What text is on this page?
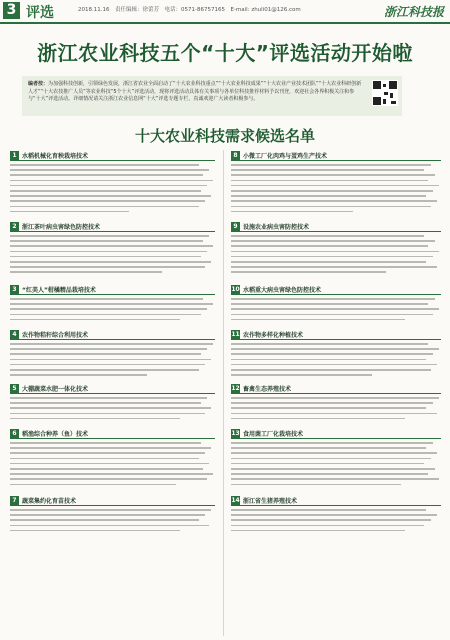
3 评选	2018.11.16　责任编辑：徐蕾芳　电话：0571-86757165　E-mail: zhuli01@126.com	浙江科技报
浙江农业科技五个“十大”评选活动开始啦
编者按：为加强科技创新，引领绿色发展，浙江省农业全面启动了“十大农业科技重点”“十大农业科技成果”“十大农业产业技术团队”“十大农业科研创新人才”“十大农技推广人员”等农业科技“5个十大”评选活动，现将评选活动具体有关事项与各单位科技推荐材料予以刊登，欢迎社会各界积极关注和参与“十大”评选活动。详细情况请关注浙江农业信息网“十大”评选专题专栏，真诚欢迎广大读者积极参与。
十大农业科技需求候选名单
1 水稻机械化育秧栽培技术
2 浙江茶叶病虫害绿色防控技术
3 “红美人”柑橘精品栽培技术
4 农作物秸秆综合利用技术
5 大棚蔬菜水肥一体化技术
6 稻渔综合种养（鱼）技术
7 蔬菜集约化育苗技术
8 小微工厂化肉鸡与蛋鸡生产技术
9 设施农业病虫害防控技术
10 水稻重大病虫害绿色防控技术
11 农作物多样化种植技术
12 畜禽生态养殖技术
13 食用菌工厂化栽培技术
14 浙江省生猪养殖技术
